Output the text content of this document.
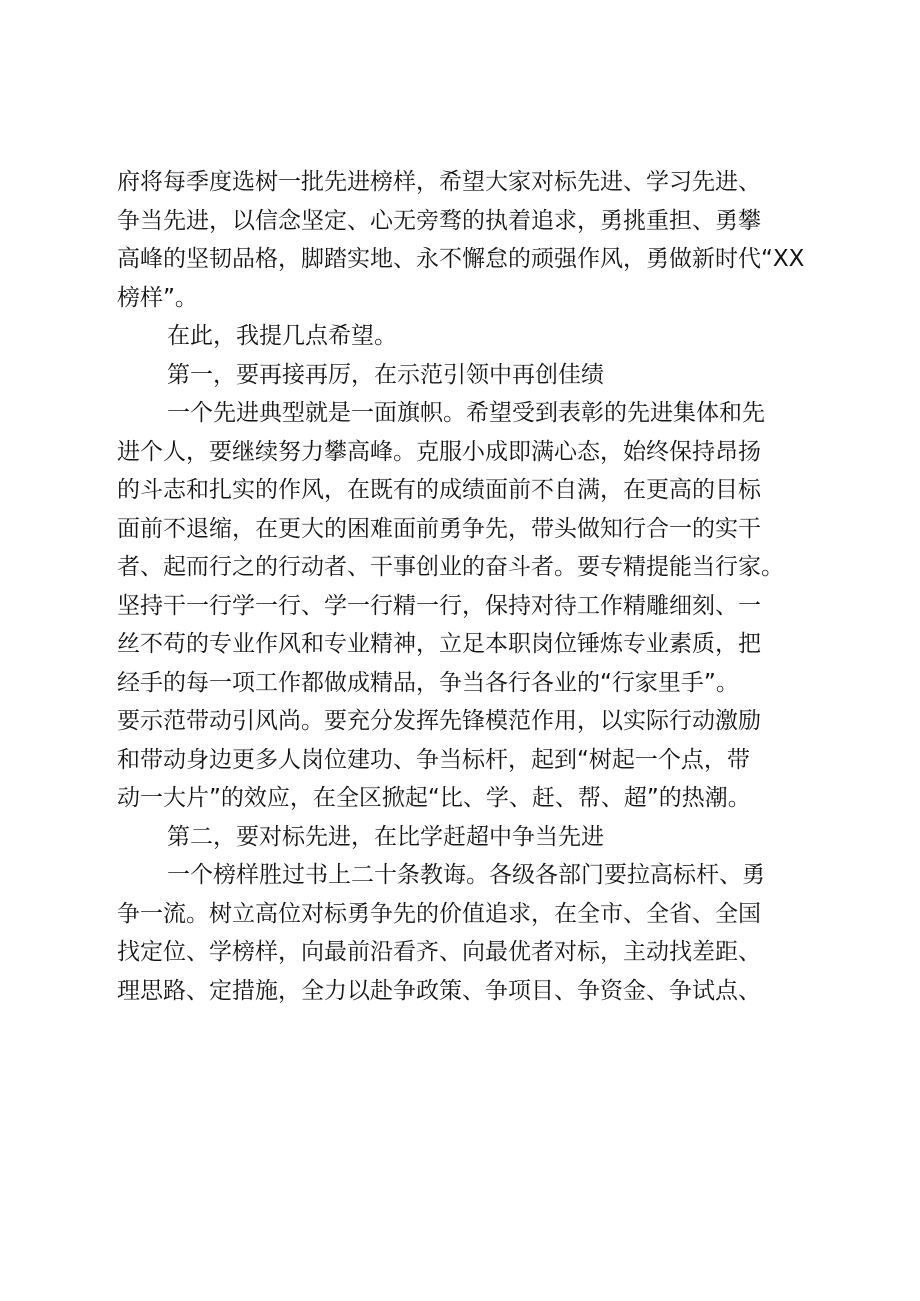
府将每季度选树一批先进榜样，希望大家对标先进、学习先进、
争当先进，以信念坚定、心无旁骛的执着追求，勇挑重担、勇攀
高峰的坚韧品格，脚踏实地、永不懈怠的顽强作风，勇做新时代“XX
榜样”。
在此，我提几点希望。
第一，要再接再厉，在示范引领中再创佳绩
一个先进典型就是一面旗帜。希望受到表彰的先进集体和先
进个人，要继续努力攀高峰。克服小成即满心态，始终保持昂扬
的斗志和扎实的作风，在既有的成绩面前不自满，在更高的目标
面前不退缩，在更大的困难面前勇争先，带头做知行合一的实干
者、起而行之的行动者、干事创业的奋斗者。要专精提能当行家。
坚持干一行学一行、学一行精一行，保持对待工作精雕细刻、一
丝不苟的专业作风和专业精神，立足本职岗位锤炼专业素质，把
经手的每一项工作都做成精品，争当各行各业的“行家里手”。
要示范带动引风尚。要充分发挥先锋模范作用，以实际行动激励
和带动身边更多人岗位建功、争当标杆，起到“树起一个点，带
动一大片”的效应，在全区掀起“比、学、赶、帮、超”的热潮。
第二，要对标先进，在比学赶超中争当先进
一个榜样胜过书上二十条教诲。各级各部门要拉高标杆、勇
争一流。树立高位对标勇争先的价值追求，在全市、全省、全国
找定位、学榜样，向最前沿看齐、向最优者对标，主动找差距、
理思路、定措施，全力以赴争政策、争项目、争资金、争试点、
